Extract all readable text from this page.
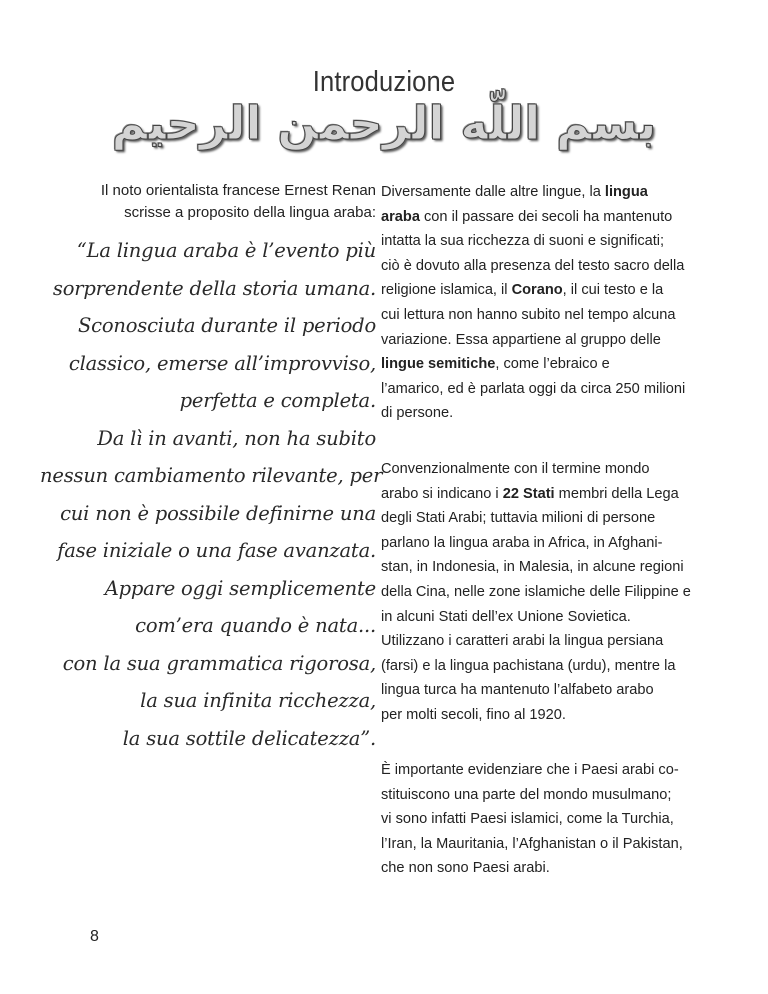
Introduzione
بسم اللّه الرحمن الرحيم
Il noto orientalista francese Ernest Renan
scrisse a proposito della lingua araba:
“La lingua araba è l’evento più
sorprendente della storia umana.
Sconosciuta durante il periodo
classico, emerse all’improvviso,
perfetta e completa.
Da lì in avanti, non ha subito
nessun cambiamento rilevante, per
cui non è possibile definirne una
fase iniziale o una fase avanzata.
Appare oggi semplicemente
com’era quando è nata...
con la sua grammatica rigorosa,
la sua infinita ricchezza,
la sua sottile delicatezza”.
Diversamente dalle altre lingue, la lingua
araba con il passare dei secoli ha mantenuto
intatta la sua ricchezza di suoni e significati;
ciò è dovuto alla presenza del testo sacro della
religione islamica, il Corano, il cui testo e la
cui lettura non hanno subito nel tempo alcuna
variazione. Essa appartiene al gruppo delle
lingue semitiche, come l’ebraico e
l’amarico, ed è parlata oggi da circa 250 milioni
di persone.
Convenzionalmente con il termine mondo
arabo si indicano i 22 Stati membri della Lega
degli Stati Arabi; tuttavia milioni di persone
parlano la lingua araba in Africa, in Afghani-
stan, in Indonesia, in Malesia, in alcune regioni
della Cina, nelle zone islamiche delle Filippine e
in alcuni Stati dell’ex Unione Sovietica.
Utilizzano i caratteri arabi la lingua persiana
(farsi) e la lingua pachistana (urdu), mentre la
lingua turca ha mantenuto l’alfabeto arabo
per molti secoli, fino al 1920.
È importante evidenziare che i Paesi arabi co-
stituiscono una parte del mondo musulmano;
vi sono infatti Paesi islamici, come la Turchia,
l’Iran, la Mauritania, l’Afghanistan o il Pakistan,
che non sono Paesi arabi.
8
